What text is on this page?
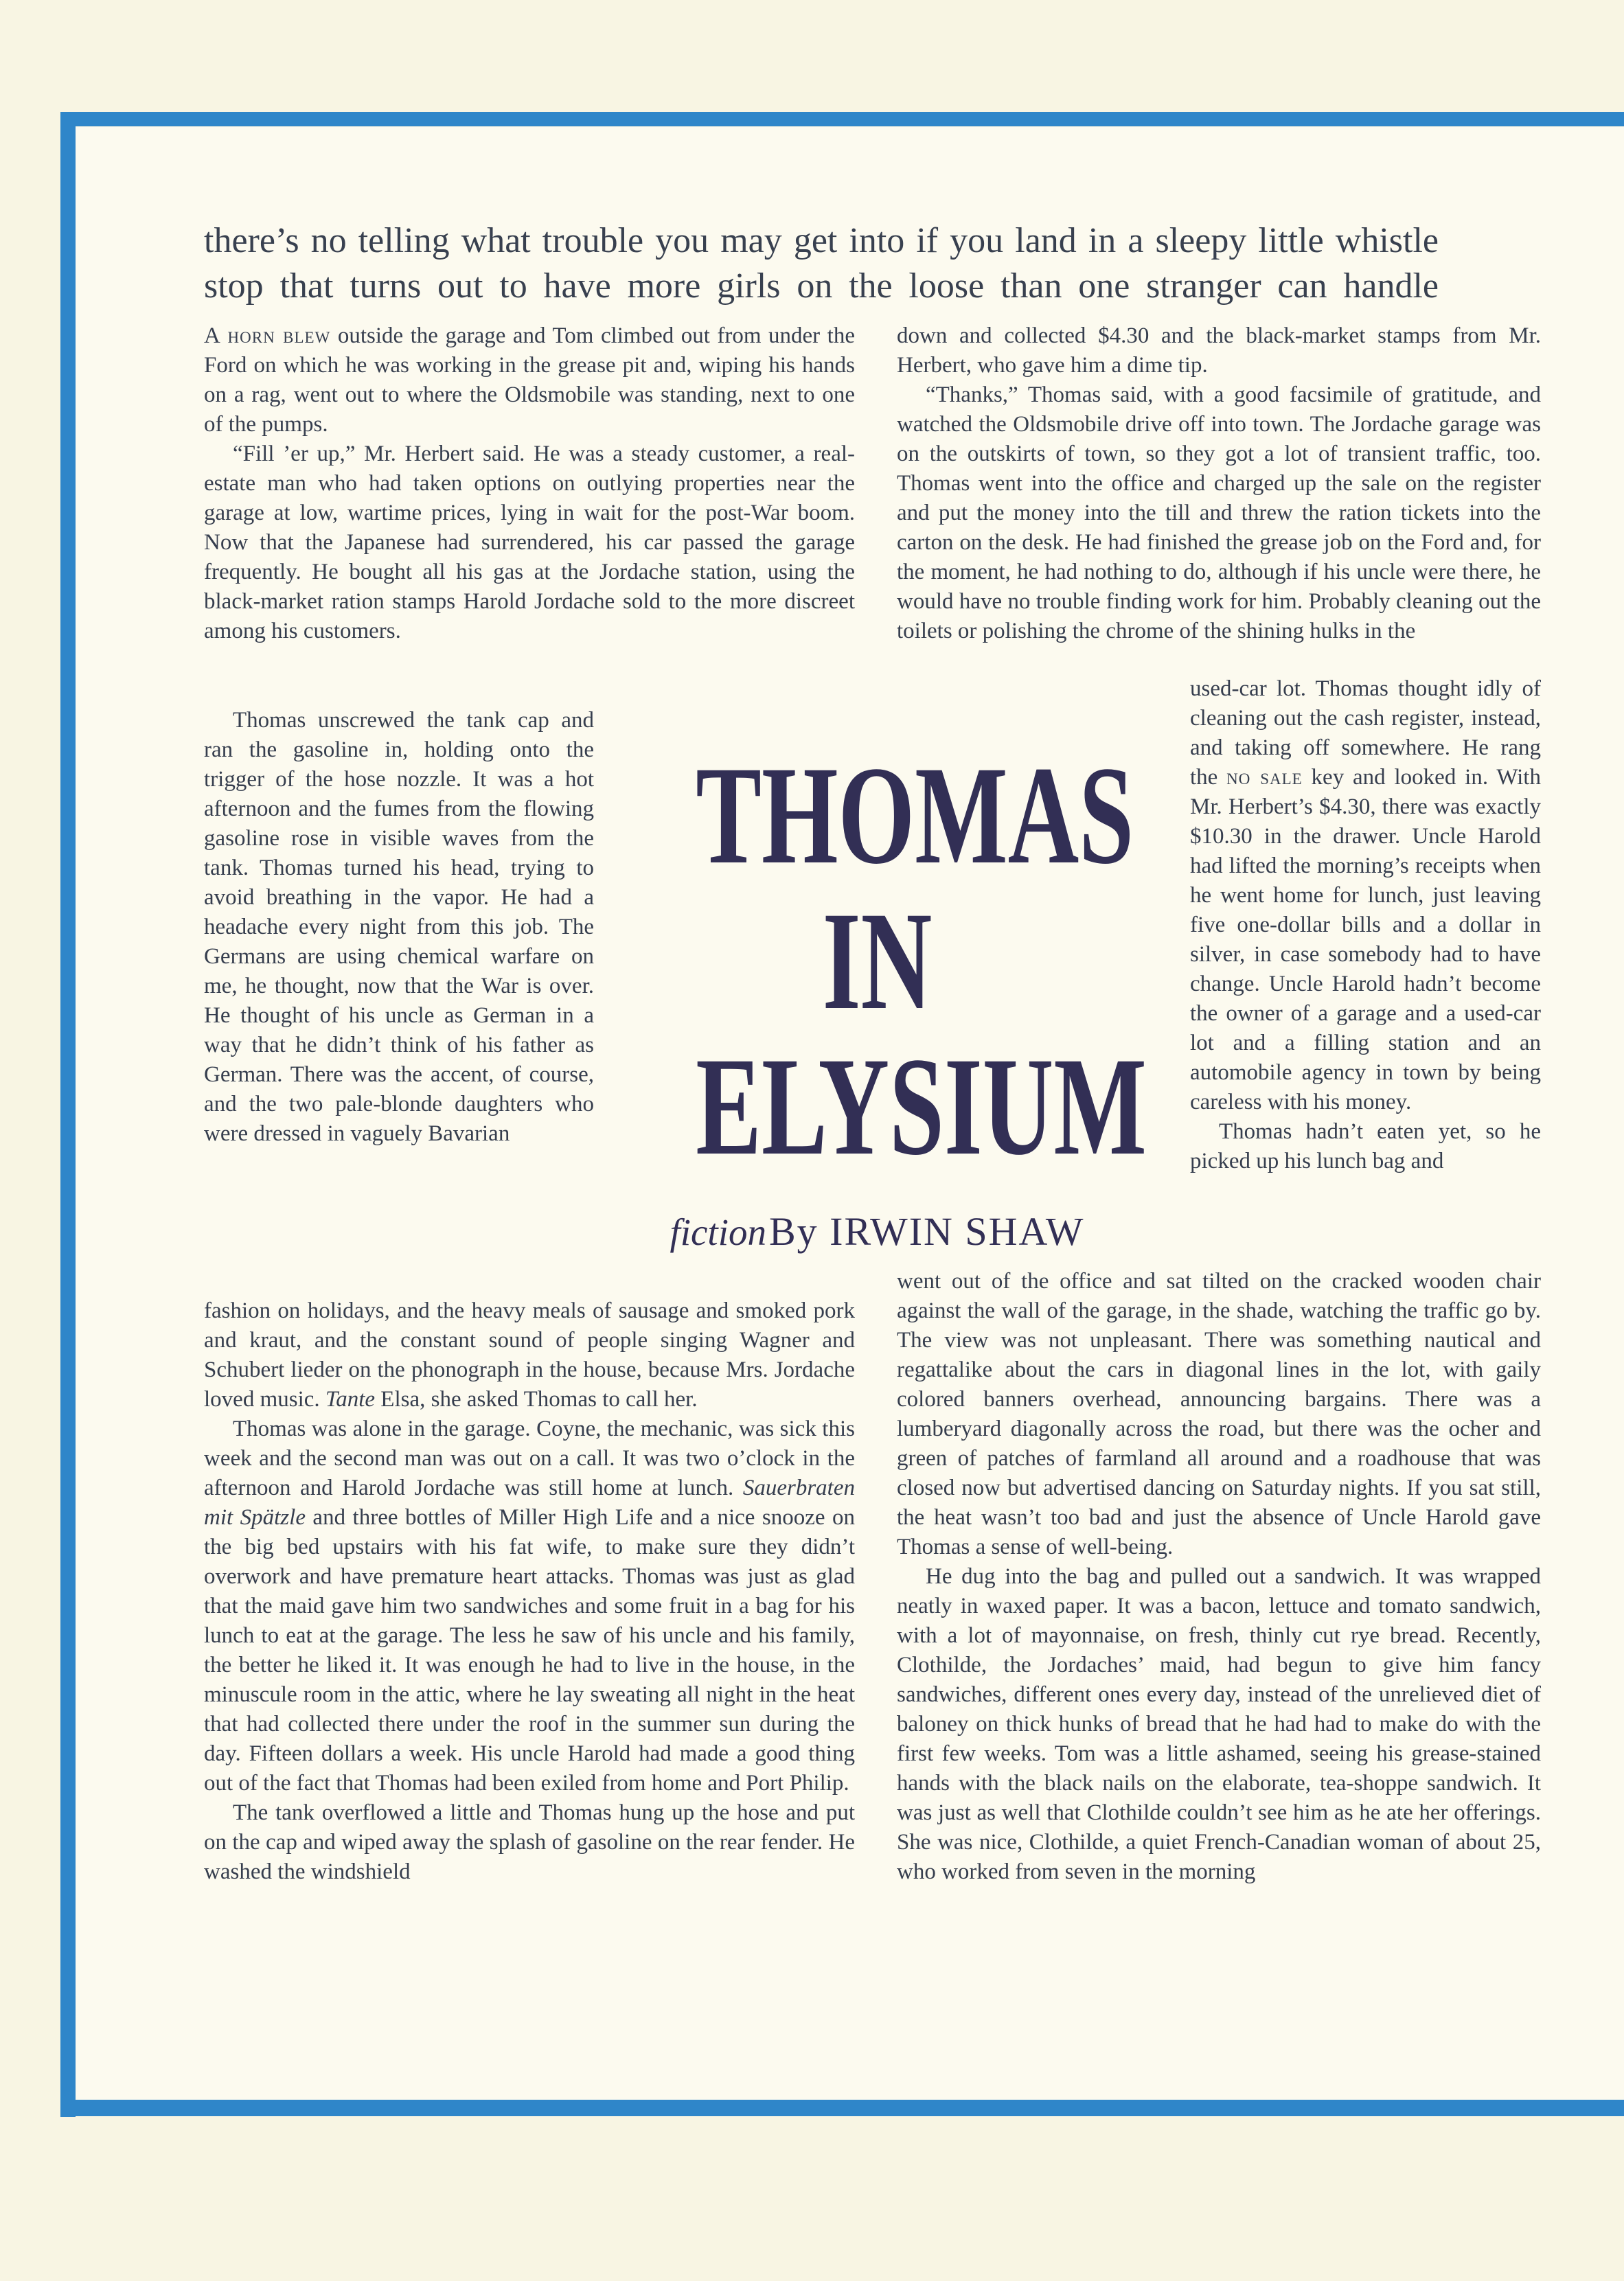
there’s no telling what trouble you may get into if you land in a sleepy little whistle
stop that turns out to have more girls on the loose than one stranger can handle

A horn blew outside the garage and Tom climbed out from under the Ford on which he was working in the grease pit and, wiping his hands on a rag, went out to where the Oldsmobile was standing, next to one of the pumps.

“Fill ’er up,” Mr. Herbert said. He was a steady customer, a real-estate man who had taken options on outlying properties near the garage at low, wartime prices, lying in wait for the post-War boom. Now that the Japanese had surrendered, his car passed the garage frequently. He bought all his gas at the Jordache station, using the black-market ration stamps Harold Jordache sold to the more discreet among his customers.

Thomas unscrewed the tank cap and ran the gasoline in, holding onto the trigger of the hose nozzle. It was a hot afternoon and the fumes from the flowing gasoline rose in visible waves from the tank. Thomas turned his head, trying to avoid breathing in the vapor. He had a headache every night from this job. The Germans are using chemical warfare on me, he thought, now that the War is over. He thought of his uncle as German in a way that he didn’t think of his father as German. There was the accent, of course, and the two pale-blonde daughters who were dressed in vaguely Bavarian

fashion on holidays, and the heavy meals of sausage and smoked pork and kraut, and the constant sound of people singing Wagner and Schubert lieder on the phonograph in the house, because Mrs. Jordache loved music. Tante Elsa, she asked Thomas to call her.

Thomas was alone in the garage. Coyne, the mechanic, was sick this week and the second man was out on a call. It was two o’clock in the afternoon and Harold Jordache was still home at lunch. Sauerbraten mit Spätzle and three bottles of Miller High Life and a nice snooze on the big bed upstairs with his fat wife, to make sure they didn’t overwork and have premature heart attacks. Thomas was just as glad that the maid gave him two sandwiches and some fruit in a bag for his lunch to eat at the garage. The less he saw of his uncle and his family, the better he liked it. It was enough he had to live in the house, in the minuscule room in the attic, where he lay sweating all night in the heat that had collected there under the roof in the summer sun during the day. Fifteen dollars a week. His uncle Harold had made a good thing out of the fact that Thomas had been exiled from home and Port Philip.

The tank overflowed a little and Thomas hung up the hose and put on the cap and wiped away the splash of gasoline on the rear fender. He washed the windshield

down and collected $4.30 and the black-market stamps from Mr. Herbert, who gave him a dime tip.

“Thanks,” Thomas said, with a good facsimile of gratitude, and watched the Oldsmobile drive off into town. The Jordache garage was on the outskirts of town, so they got a lot of transient traffic, too. Thomas went into the office and charged up the sale on the register and put the money into the till and threw the ration tickets into the carton on the desk. He had finished the grease job on the Ford and, for the moment, he had nothing to do, although if his uncle were there, he would have no trouble finding work for him. Probably cleaning out the toilets or polishing the chrome of the shining hulks in the

used-car lot. Thomas thought idly of cleaning out the cash register, instead, and taking off somewhere. He rang the no sale key and looked in. With Mr. Herbert’s $4.30, there was exactly $10.30 in the drawer. Uncle Harold had lifted the morning’s receipts when he went home for lunch, just leaving five one-dollar bills and a dollar in silver, in case somebody had to have change. Uncle Harold hadn’t become the owner of a garage and a used-car lot and a filling station and an automobile agency in town by being careless with his money.

Thomas hadn’t eaten yet, so he picked up his lunch bag and

went out of the office and sat tilted on the cracked wooden chair against the wall of the garage, in the shade, watching the traffic go by. The view was not unpleasant. There was something nautical and regattalike about the cars in diagonal lines in the lot, with gaily colored banners overhead, announcing bargains. There was a lumberyard diagonally across the road, but there was the ocher and green of patches of farmland all around and a roadhouse that was closed now but advertised dancing on Saturday nights. If you sat still, the heat wasn’t too bad and just the absence of Uncle Harold gave Thomas a sense of well-being.

He dug into the bag and pulled out a sandwich. It was wrapped neatly in waxed paper. It was a bacon, lettuce and tomato sandwich, with a lot of mayonnaise, on fresh, thinly cut rye bread. Recently, Clothilde, the Jordaches’ maid, had begun to give him fancy sandwiches, different ones every day, instead of the unrelieved diet of baloney on thick hunks of bread that he had had to make do with the first few weeks. Tom was a little ashamed, seeing his grease-stained hands with the black nails on the elaborate, tea-shoppe sandwich. It was just as well that Clothilde couldn’t see him as he ate her offerings. She was nice, Clothilde, a quiet French-Canadian woman of about 25, who worked from seven in the morning

THOMAS
IN
ELYSIUM
fiction By IRWIN SHAW
